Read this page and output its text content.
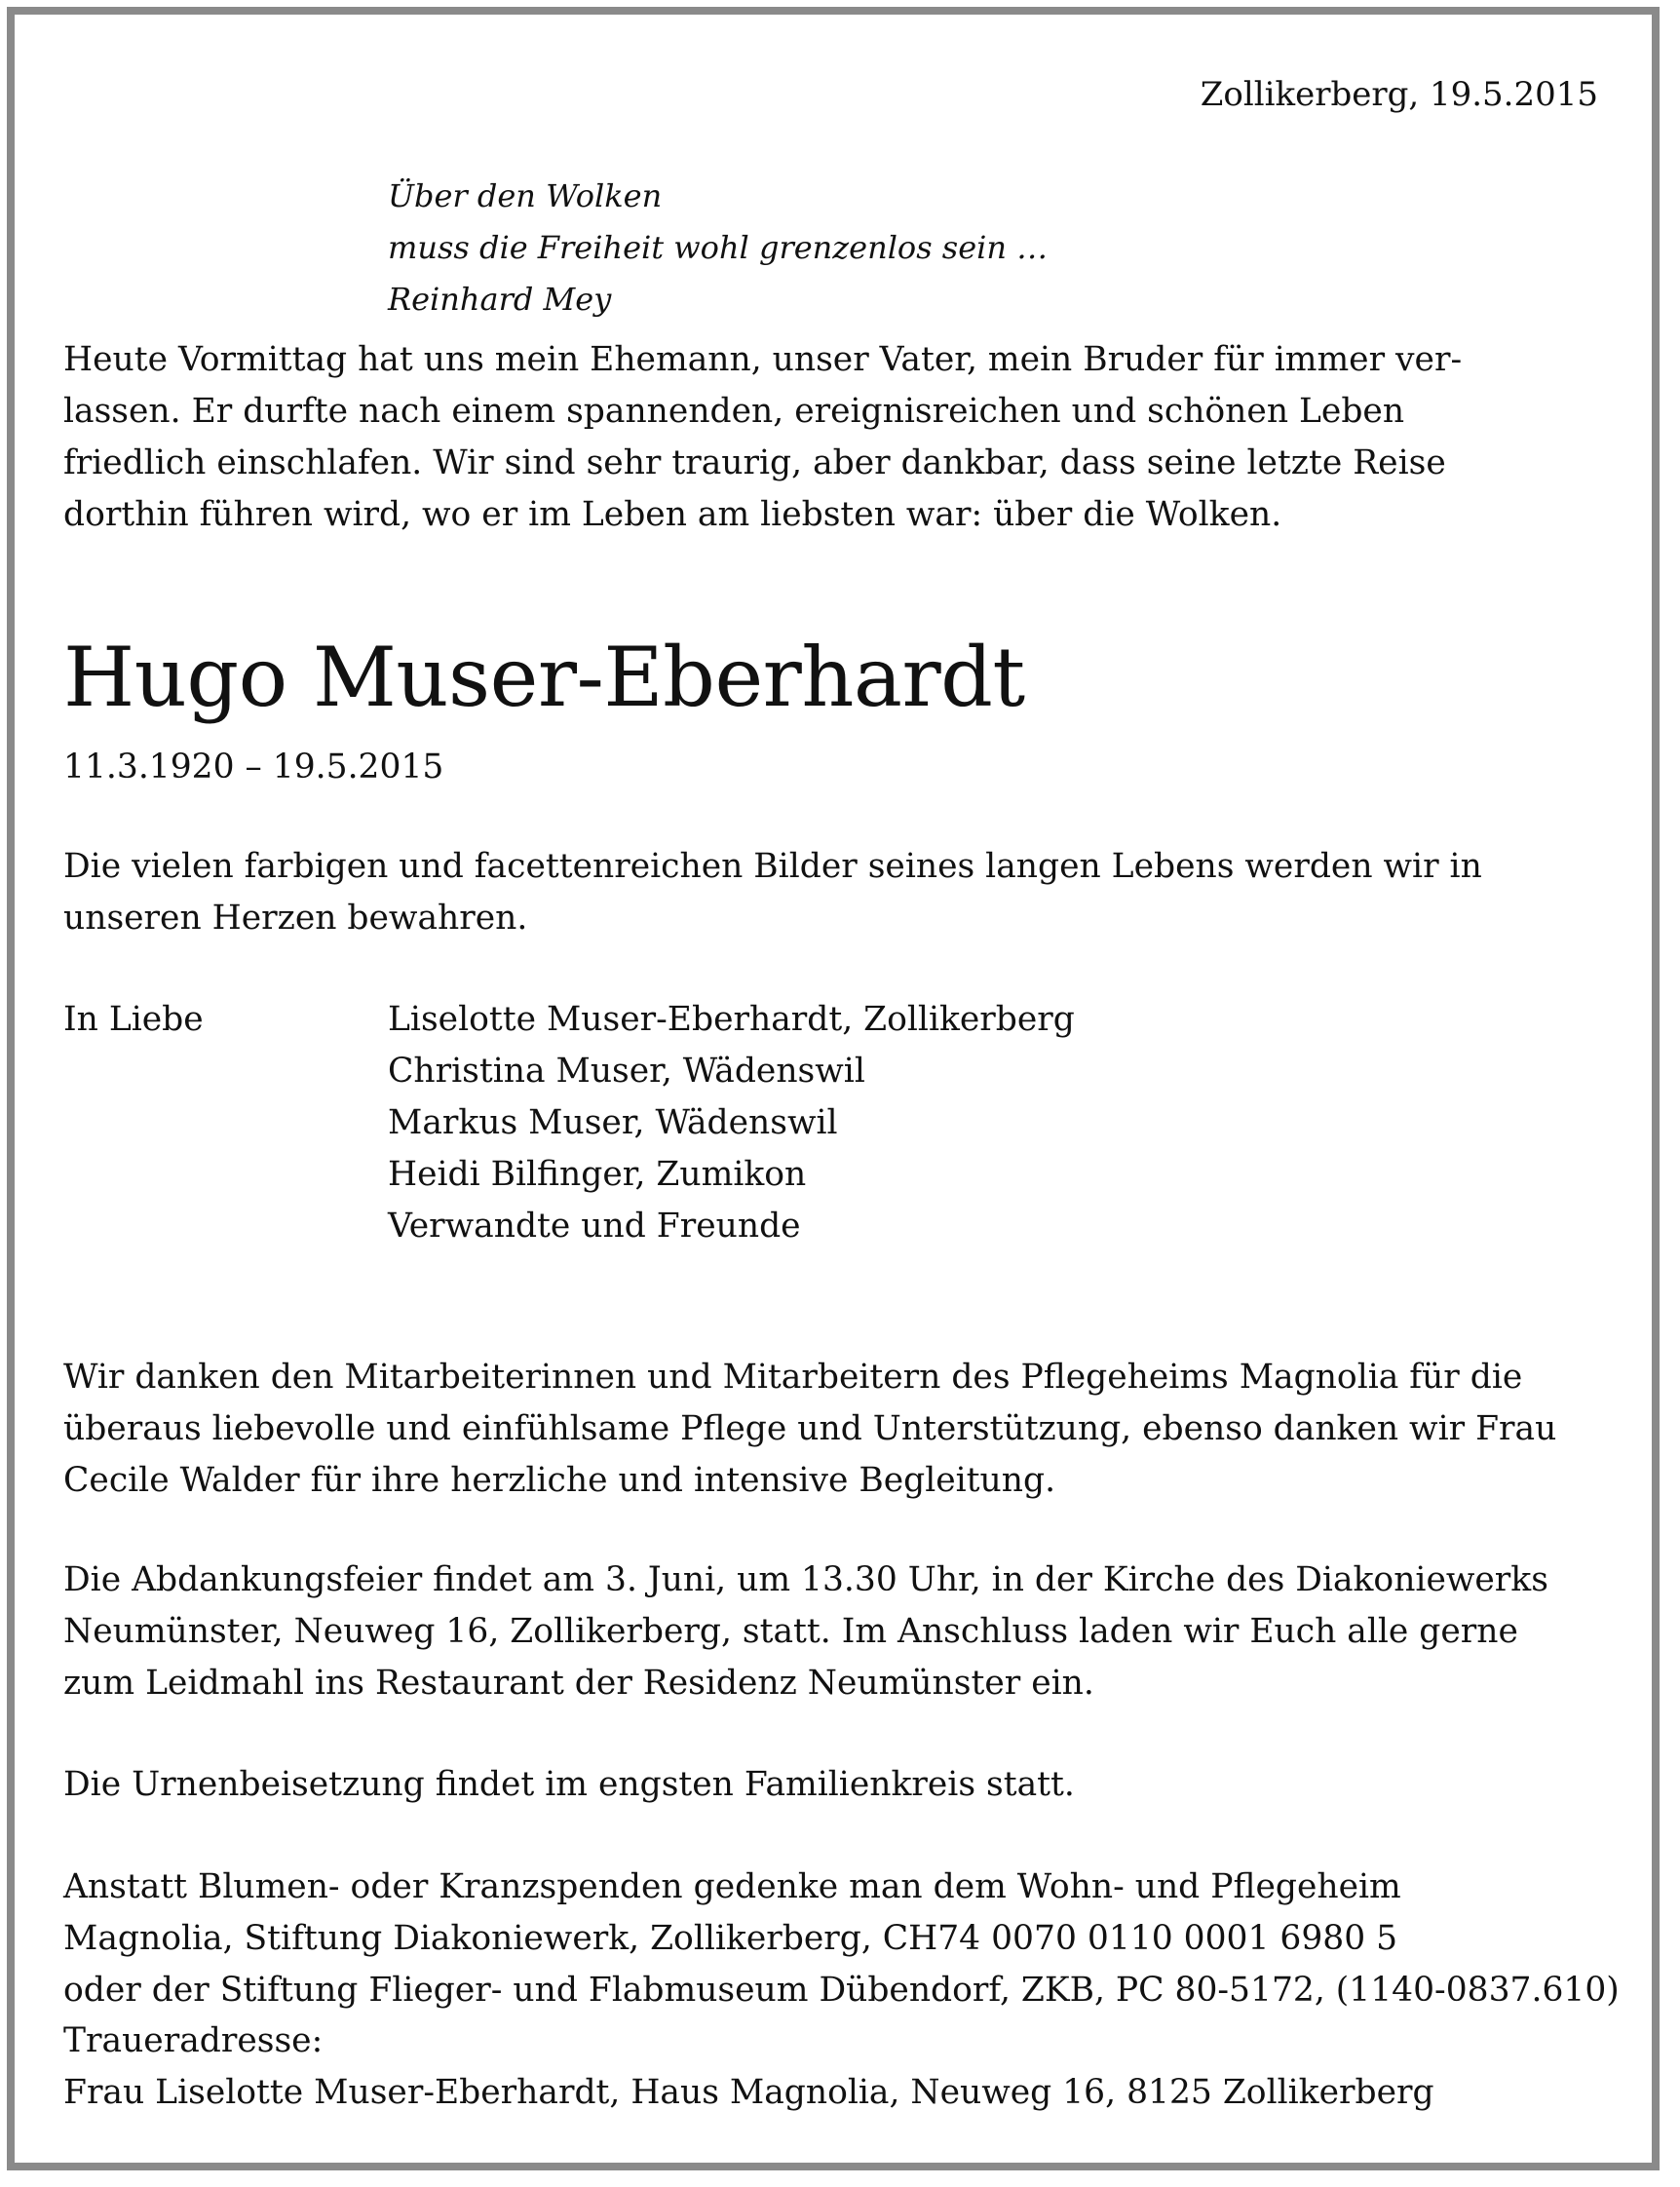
Zollikerberg, 19.5.2015
Über den Wolken
muss die Freiheit wohl grenzenlos sein …
Reinhard Mey
Heute Vormittag hat uns mein Ehemann, unser Vater, mein Bruder für immer ver-
lassen. Er durfte nach einem spannenden, ereignisreichen und schönen Leben
friedlich einschlafen. Wir sind sehr traurig, aber dankbar, dass seine letzte Reise
dorthin führen wird, wo er im Leben am liebsten war: über die Wolken.
Hugo Muser-Eberhardt
11.3.1920 – 19.5.2015
Die vielen farbigen und facettenreichen Bilder seines langen Lebens werden wir in
unseren Herzen bewahren.
In Liebe	Liselotte Muser-Eberhardt, Zollikerberg
Christina Muser, Wädenswil
Markus Muser, Wädenswil
Heidi Bilfinger, Zumikon
Verwandte und Freunde
Wir danken den Mitarbeiterinnen und Mitarbeitern des Pflegeheims Magnolia für die
überaus liebevolle und einfühlsame Pflege und Unterstützung, ebenso danken wir Frau
Cecile Walder für ihre herzliche und intensive Begleitung.
Die Abdankungsfeier findet am 3. Juni, um 13.30 Uhr, in der Kirche des Diakoniewerks
Neumünster, Neuweg 16, Zollikerberg, statt. Im Anschluss laden wir Euch alle gerne
zum Leidmahl ins Restaurant der Residenz Neumünster ein.
Die Urnenbeisetzung findet im engsten Familienkreis statt.
Anstatt Blumen- oder Kranzspenden gedenke man dem Wohn- und Pflegeheim
Magnolia, Stiftung Diakoniewerk, Zollikerberg, CH74 0070 0110 0001 6980 5
oder der Stiftung Flieger- und Flabmuseum Dübendorf, ZKB, PC 80-5172, (1140-0837.610)
Traueradresse:
Frau Liselotte Muser-Eberhardt, Haus Magnolia, Neuweg 16, 8125 Zollikerberg
